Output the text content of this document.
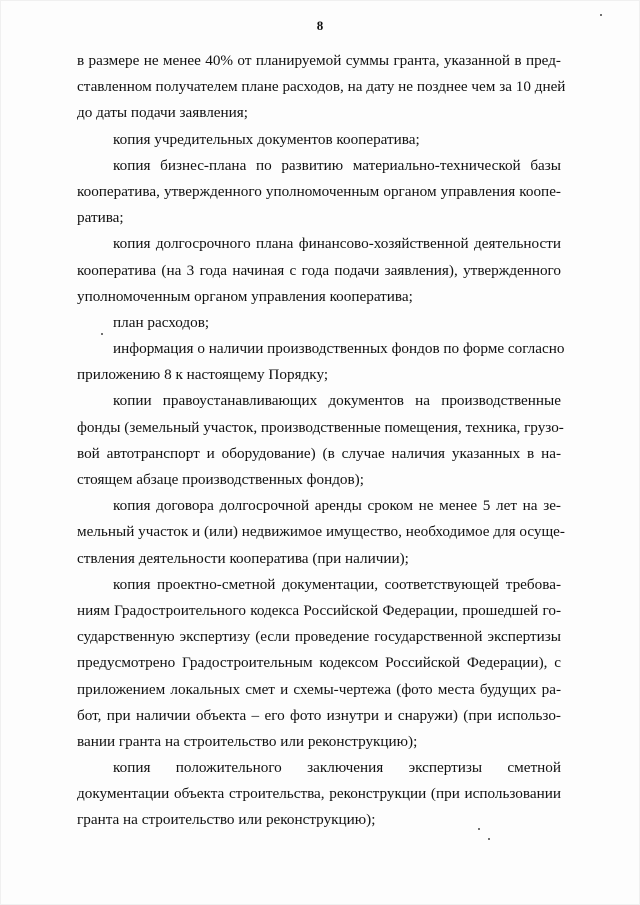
8
в размере не менее 40% от планируемой суммы гранта, указанной в пред-
ставленном получателем плане расходов, на дату не позднее чем за 10 дней
до даты подачи заявления;
копия учредительных документов кооператива;
копия бизнес-плана по развитию материально-технической базы
кооператива, утвержденного уполномоченным органом управления коопе-
ратива;
копия долгосрочного плана финансово-хозяйственной деятельности
кооператива (на 3 года начиная с года подачи заявления), утвержденного
уполномоченным органом управления кооператива;
план расходов;
информация о наличии производственных фондов по форме согласно
приложению 8 к настоящему Порядку;
копии правоустанавливающих документов на производственные
фонды (земельный участок, производственные помещения, техника, грузо-
вой автотранспорт и оборудование) (в случае наличия указанных в на-
стоящем абзаце производственных фондов);
копия договора долгосрочной аренды сроком не менее 5 лет на зе-
мельный участок и (или) недвижимое имущество, необходимое для осуще-
ствления деятельности кооператива (при наличии);
копия проектно-сметной документации, соответствующей требова-
ниям Градостроительного кодекса Российской Федерации, прошедшей го-
сударственную экспертизу (если проведение государственной экспертизы
предусмотрено Градостроительным кодексом Российской Федерации), с
приложением локальных смет и схемы-чертежа (фото места будущих ра-
бот, при наличии объекта – его фото изнутри и снаружи) (при использо-
вании гранта на строительство или реконструкцию);
копия положительного заключения экспертизы сметной
документации объекта строительства, реконструкции (при использовании
гранта на строительство или реконструкцию);
